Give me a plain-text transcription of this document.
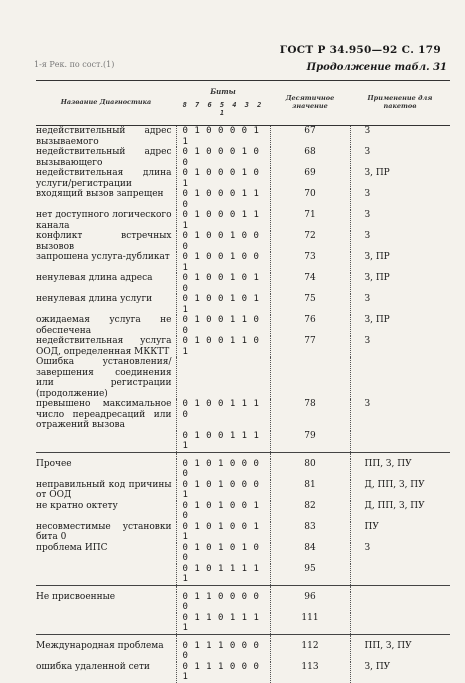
ГОСТ Р 34.950—92 С. 179
1-я Рек. по сост.(1)	Продолжение табл. 31
Название Диагностика	Биты
8 7 6 5 4 3 2 1	Десятичное значение	Применение для пакетов
недействительный адрес вызываемого	0 1 0 0 0 0 1 1	67	З
недействительный адрес вызывающего	0 1 0 0 0 1 0 0	68	З
недействительная длина услуги/регистрации	0 1 0 0 0 1 0 1	69	З, ПР
входящий вызов запрещен	0 1 0 0 0 1 1 0	70	З
нет доступного логического канала	0 1 0 0 0 1 1 1	71	З
конфликт встречных вызовов	0 1 0 0 1 0 0 0	72	З
запрошена услуга-дубликат	0 1 0 0 1 0 0 1	73	З, ПР
ненулевая длина адреса	0 1 0 0 1 0 1 0	74	З, ПР
ненулевая длина услуги	0 1 0 0 1 0 1 1	75	З
ожидаемая услуга не обеспечена	0 1 0 0 1 1 0 0	76	З, ПР
недействительная услуга ООД, определенная МККТТ	0 1 0 0 1 1 0 1	77	З
Ошибка установления/завершения соединения или регистрации (продолжение)			
превышено максимальное число переадресаций или отражений вызова	0 1 0 0 1 1 1 0	78	З
	0 1 0 0 1 1 1 1	79	

Прочее	0 1 0 1 0 0 0 0	80	ПП, З, ПУ
неправильный код причины от ООД	0 1 0 1 0 0 0 1	81	Д, ПП, З, ПУ
не кратно октету	0 1 0 1 0 0 1 0	82	Д, ПП, З, ПУ
несовместимые установки бита 0	0 1 0 1 0 0 1 1	83	ПУ
проблема ИПС	0 1 0 1 0 1 0 0	84	З
	0 1 0 1 1 1 1 1	95	

Не присвоенные	0 1 1 0 0 0 0 0	96	
	0 1 1 0 1 1 1 1	111	

Международная проблема	0 1 1 1 0 0 0 0	112	ПП, З, ПУ
ошибка удаленной сети	0 1 1 1 0 0 0 1	113	З, ПУ
